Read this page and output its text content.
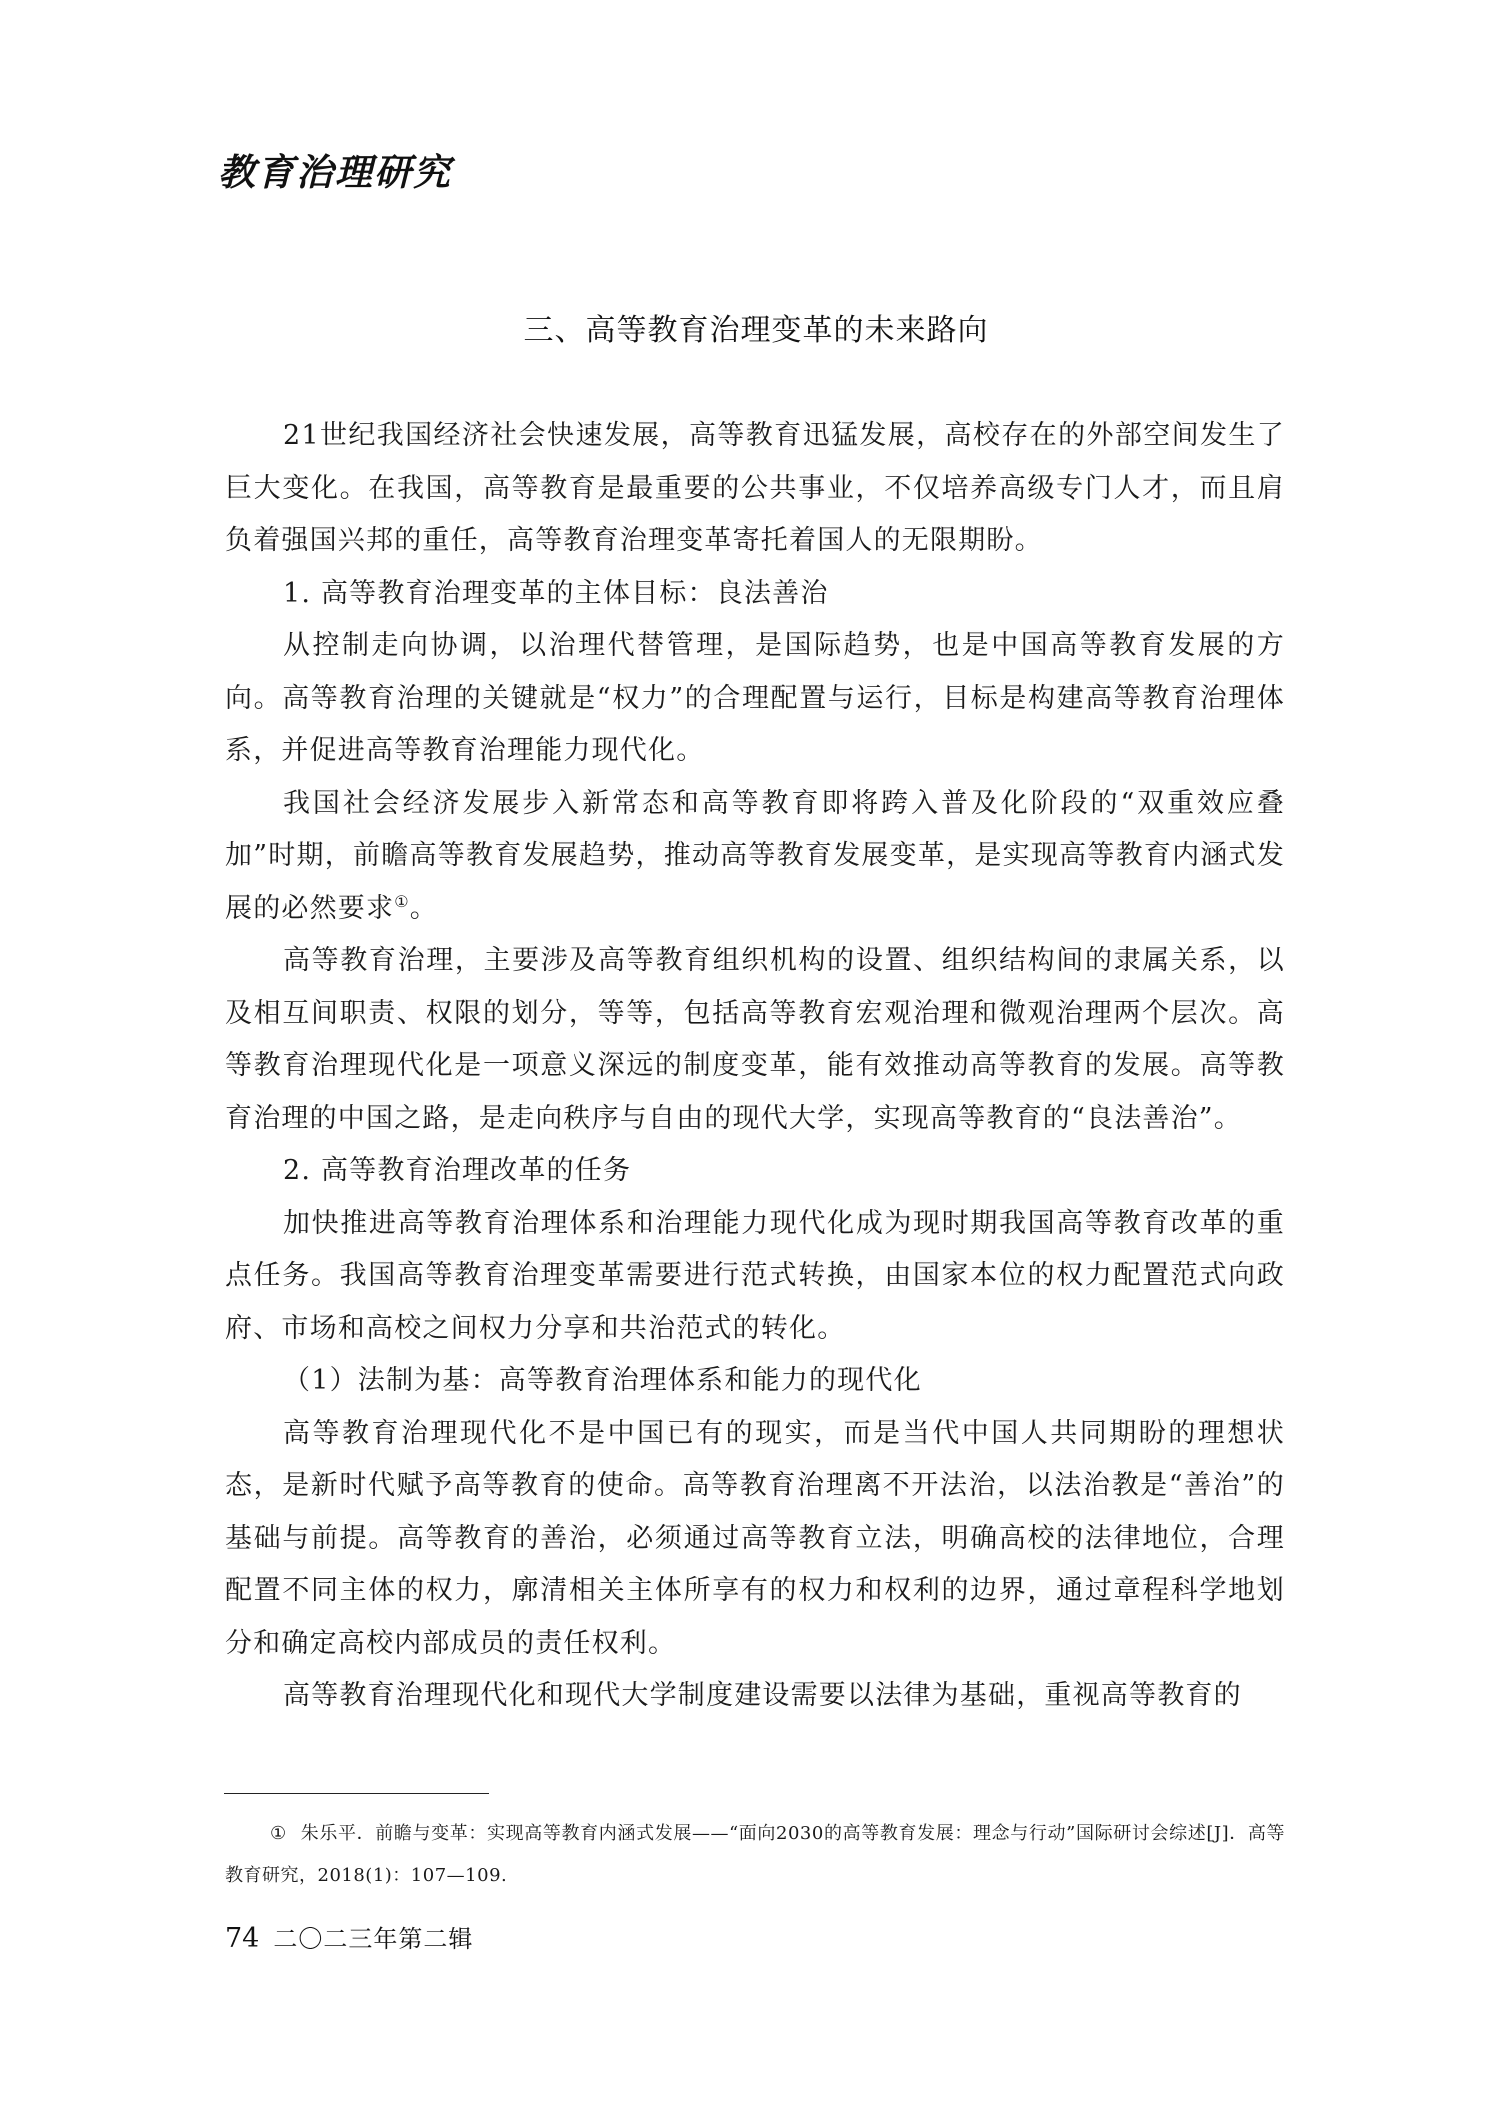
教育治理研究
三、高等教育治理变革的未来路向

21世纪我国经济社会快速发展，高等教育迅猛发展，高校存在的外部空间发生了巨大变化。在我国，高等教育是最重要的公共事业，不仅培养高级专门人才，而且肩负着强国兴邦的重任，高等教育治理变革寄托着国人的无限期盼。

1. 高等教育治理变革的主体目标：良法善治

从控制走向协调，以治理代替管理，是国际趋势，也是中国高等教育发展的方向。高等教育治理的关键就是“权力”的合理配置与运行，目标是构建高等教育治理体系，并促进高等教育治理能力现代化。

我国社会经济发展步入新常态和高等教育即将跨入普及化阶段的“双重效应叠加”时期，前瞻高等教育发展趋势，推动高等教育发展变革，是实现高等教育内涵式发展的必然要求①。

高等教育治理，主要涉及高等教育组织机构的设置、组织结构间的隶属关系，以及相互间职责、权限的划分，等等，包括高等教育宏观治理和微观治理两个层次。高等教育治理现代化是一项意义深远的制度变革，能有效推动高等教育的发展。高等教育治理的中国之路，是走向秩序与自由的现代大学，实现高等教育的“良法善治”。

2. 高等教育治理改革的任务

加快推进高等教育治理体系和治理能力现代化成为现时期我国高等教育改革的重点任务。我国高等教育治理变革需要进行范式转换，由国家本位的权力配置范式向政府、市场和高校之间权力分享和共治范式的转化。

（1）法制为基：高等教育治理体系和能力的现代化

高等教育治理现代化不是中国已有的现实，而是当代中国人共同期盼的理想状态，是新时代赋予高等教育的使命。高等教育治理离不开法治，以法治教是“善治”的基础与前提。高等教育的善治，必须通过高等教育立法，明确高校的法律地位，合理配置不同主体的权力，廓清相关主体所享有的权力和权利的边界，通过章程科学地划分和确定高校内部成员的责任权利。

高等教育治理现代化和现代大学制度建设需要以法律为基础，重视高等教育的

① 朱乐平．前瞻与变革：实现高等教育内涵式发展——“面向2030的高等教育发展：理念与行动”国际研讨会综述[J]．高等教育研究，2018(1)：107—109.
74 二〇二三年第二辑
